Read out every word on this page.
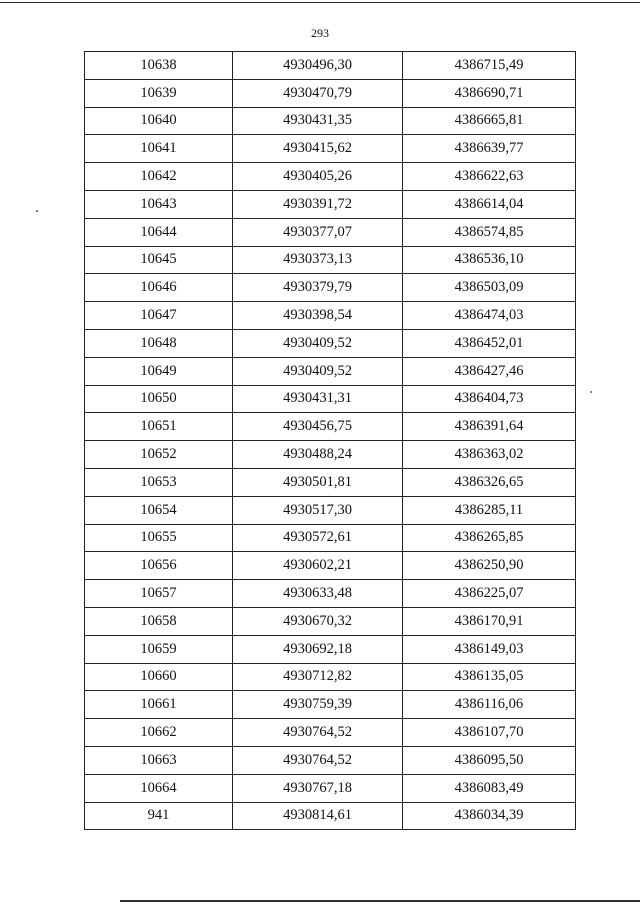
293
10638	4930496,30	4386715,49
10639	4930470,79	4386690,71
10640	4930431,35	4386665,81
10641	4930415,62	4386639,77
10642	4930405,26	4386622,63
10643	4930391,72	4386614,04
10644	4930377,07	4386574,85
10645	4930373,13	4386536,10
10646	4930379,79	4386503,09
10647	4930398,54	4386474,03
10648	4930409,52	4386452,01
10649	4930409,52	4386427,46
10650	4930431,31	4386404,73
10651	4930456,75	4386391,64
10652	4930488,24	4386363,02
10653	4930501,81	4386326,65
10654	4930517,30	4386285,11
10655	4930572,61	4386265,85
10656	4930602,21	4386250,90
10657	4930633,48	4386225,07
10658	4930670,32	4386170,91
10659	4930692,18	4386149,03
10660	4930712,82	4386135,05
10661	4930759,39	4386116,06
10662	4930764,52	4386107,70
10663	4930764,52	4386095,50
10664	4930767,18	4386083,49
941	4930814,61	4386034,39
